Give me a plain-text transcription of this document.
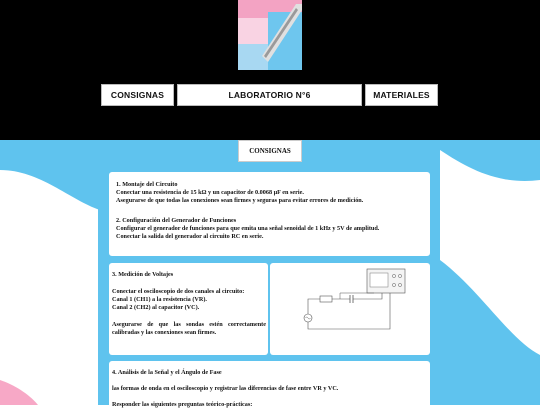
CONSIGNAS	LABORATORIO N°6	MATERIALES
CONSIGNAS
1. Montaje del Circuito
Conectar una resistencia de 15 kΩ y un capacitor de 0.0068 µF en serie.
Asegurarse de que todas las conexiones sean firmes y seguras para evitar errores de medición.
2. Configuración del Generador de Funciones
Configurar el generador de funciones para que emita una señal senoidal de 1 kHz y 5V de amplitud.
Conectar la salida del generador al circuito RC en serie.
3. Medición de Voltajes
Conectar el osciloscopio de dos canales al circuito:
Canal 1 (CH1) a la resistencia (VR).
Canal 2 (CH2) al capacitor (VC).
Asegurarse de que las sondas estén correctamente calibradas y las conexiones sean firmes.
4. Análisis de la Señal y el Ángulo de Fase
las formas de onda en el osciloscopio y registrar las diferencias de fase entre VR y VC.
Responder las siguientes preguntas teórico-prácticas:
